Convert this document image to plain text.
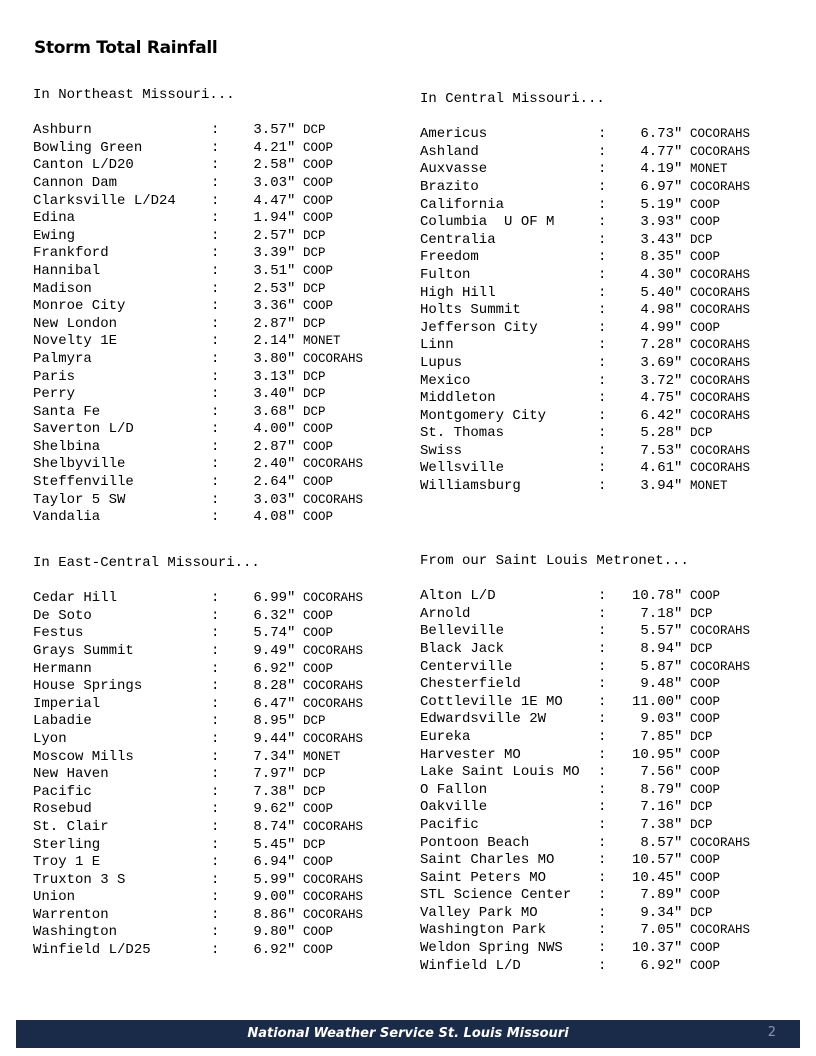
Storm Total Rainfall
In Northeast Missouri...
Ashburn	:	3.57 " DCP
Bowling Green	:	4.21 " COOP
Canton L/D20	:	2.58 " COOP
Cannon Dam	:	3.03 " COOP
Clarksville L/D24	:	4.47 " COOP
Edina	:	1.94 " COOP
Ewing	:	2.57 " DCP
Frankford	:	3.39 " DCP
Hannibal	:	3.51 " COOP
Madison	:	2.53 " DCP
Monroe City	:	3.36 " COOP
New London	:	2.87 " DCP
Novelty 1E	:	2.14 " MONET
Palmyra	:	3.80 " COCORAHS
Paris	:	3.13 " DCP
Perry	:	3.40 " DCP
Santa Fe	:	3.68 " DCP
Saverton L/D	:	4.00 " COOP
Shelbina	:	2.87 " COOP
Shelbyville	:	2.40 " COCORAHS
Steffenville	:	2.64 " COOP
Taylor 5 SW	:	3.03 " COCORAHS
Vandalia	:	4.08 " COOP
In Central Missouri...
Americus	:	6.73 " COCORAHS
Ashland	:	4.77 " COCORAHS
Auxvasse	:	4.19 " MONET
Brazito	:	6.97 " COCORAHS
California	:	5.19 " COOP
Columbia  U OF M	:	3.93 " COOP
Centralia	:	3.43 " DCP
Freedom	:	8.35 " COOP
Fulton	:	4.30 " COCORAHS
High Hill	:	5.40 " COCORAHS
Holts Summit	:	4.98 " COCORAHS
Jefferson City	:	4.99 " COOP
Linn	:	7.28 " COCORAHS
Lupus	:	3.69 " COCORAHS
Mexico	:	3.72 " COCORAHS
Middleton	:	4.75 " COCORAHS
Montgomery City	:	6.42 " COCORAHS
St. Thomas	:	5.28 " DCP
Swiss	:	7.53 " COCORAHS
Wellsville	:	4.61 " COCORAHS
Williamsburg	:	3.94 " MONET
In East-Central Missouri...
Cedar Hill	:	6.99 " COCORAHS
De Soto	:	6.32 " COOP
Festus	:	5.74 " COOP
Grays Summit	:	9.49 " COCORAHS
Hermann	:	6.92 " COOP
House Springs	:	8.28 " COCORAHS
Imperial	:	6.47 " COCORAHS
Labadie	:	8.95 " DCP
Lyon	:	9.44 " COCORAHS
Moscow Mills	:	7.34 " MONET
New Haven	:	7.97 " DCP
Pacific	:	7.38 " DCP
Rosebud	:	9.62 " COOP
St. Clair	:	8.74 " COCORAHS
Sterling	:	5.45 " DCP
Troy 1 E	:	6.94 " COOP
Truxton 3 S	:	5.99 " COCORAHS
Union	:	9.00 " COCORAHS
Warrenton	:	8.86 " COCORAHS
Washington	:	9.80 " COOP
Winfield L/D25	:	6.92 " COOP
From our Saint Louis Metronet...
Alton L/D	:	10.78 " COOP
Arnold	:	7.18 " DCP
Belleville	:	5.57 " COCORAHS
Black Jack	:	8.94 " DCP
Centerville	:	5.87 " COCORAHS
Chesterfield	:	9.48 " COOP
Cottleville 1E MO	:	11.00 " COOP
Edwardsville 2W	:	9.03 " COOP
Eureka	:	7.85 " DCP
Harvester MO	:	10.95 " COOP
Lake Saint Louis MO	:	7.56 " COOP
O Fallon	:	8.79 " COOP
Oakville	:	7.16 " DCP
Pacific	:	7.38 " DCP
Pontoon Beach	:	8.57 " COCORAHS
Saint Charles MO	:	10.57 " COOP
Saint Peters MO	:	10.45 " COOP
STL Science Center	:	7.89 " COOP
Valley Park MO	:	9.34 " DCP
Washington Park	:	7.05 " COCORAHS
Weldon Spring NWS	:	10.37 " COOP
Winfield L/D	:	6.92 " COOP
National Weather Service St. Louis Missouri	2
